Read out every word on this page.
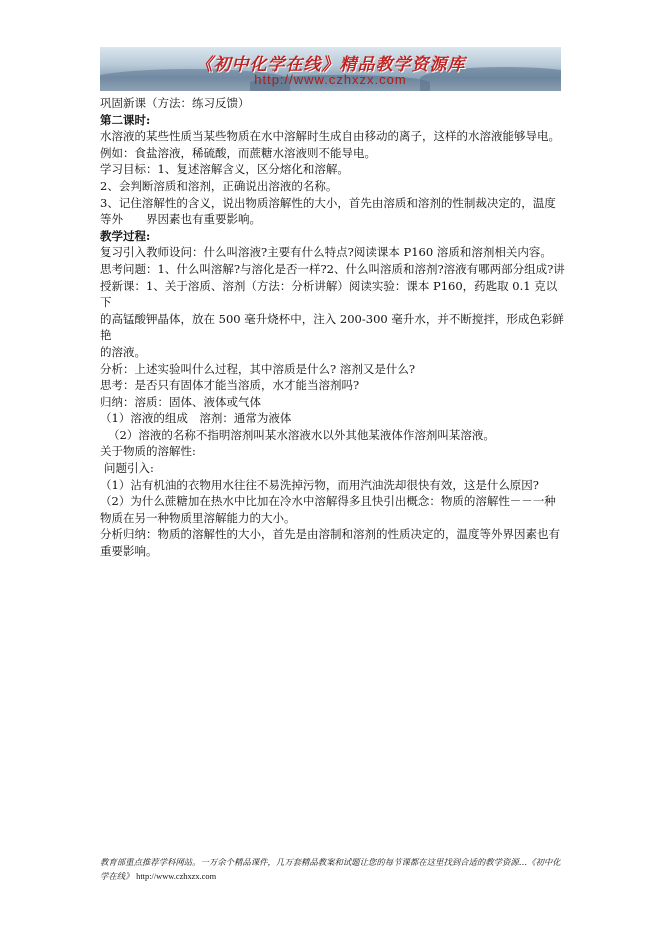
《初中化学在线》精品教学资源库
http://www.czhxzx.com

巩固新课（方法：练习反馈）

第二课时:

水溶液的某些性质当某些物质在水中溶解时生成自由移动的离子，这样的水溶液能够导电。

例如：食盐溶液，稀硫酸，而蔗糖水溶液则不能导电。

学习目标：1、复述溶解含义，区分熔化和溶解。

2、会判断溶质和溶剂，正确说出溶液的名称。

3、记住溶解性的含义，说出物质溶解性的大小，首先由溶质和溶剂的性制裁决定的，温度

等外　　界因素也有重要影响。

教学过程:

复习引入教师设问：什么叫溶液?主要有什么特点?阅读课本 P160 溶质和溶剂相关内容。

思考问题：1、什么叫溶解?与溶化是否一样?2、什么叫溶质和溶剂?溶液有哪两部分组成?讲

授新课：1、关于溶质、溶剂（方法：分析讲解）阅读实验：课本 P160，药匙取 0.1 克以下

的高锰酸钾晶体，放在 500 毫升烧杯中，注入 200-300 毫升水，并不断搅拌，形成色彩鲜艳

的溶液。

分析：上述实验叫什么过程，其中溶质是什么? 溶剂又是什么?

思考：是否只有固体才能当溶质，水才能当溶剂吗?

归纳：溶质：固体、液体或气体

（1）溶液的组成　溶剂：通常为液体

（2）溶液的名称不指明溶剂叫某水溶液水以外其他某液体作溶剂叫某溶液。

关于物质的溶解性:

问题引入:

（1）沾有机油的衣物用水往往不易洗掉污物，而用汽油洗却很快有效，这是什么原因?

（2）为什么蔗糖加在热水中比加在冷水中溶解得多且快引出概念：物质的溶解性－－一种

物质在另一种物质里溶解能力的大小。

分析归纳：物质的溶解性的大小，首先是由溶制和溶剂的性质决定的，温度等外界因素也有

重要影响。

教育部重点推荐学科网站。一万余个精品课件，几万套精品教案和试题让您的每节课都在这里找到合适的教学资源…《初中化学在线》 http://www.czhxzx.com
